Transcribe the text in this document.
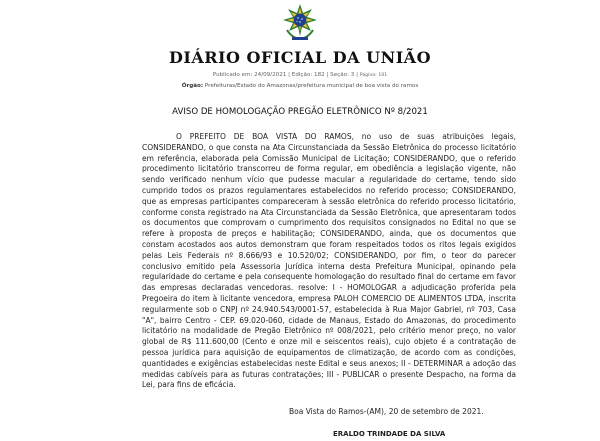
DIÁRIO OFICIAL DA UNIÃO
Publicado em: 24/09/2021 | Edição: 182 | Seção: 3 | Página: 101
Órgão: Prefeituras/Estado do Amazonas/prefeitura municipal de boa vista do ramos
AVISO DE HOMOLOGAÇÃO PREGÃO ELETRÔNICO Nº 8/2021

O PREFEITO DE BOA VISTA DO RAMOS, no uso de suas atribuições legais, CONSIDERANDO, o que consta na Ata Circunstanciada da Sessão Eletrônica do processo licitatório em referência, elaborada pela Comissão Municipal de Licitação; CONSIDERANDO, que o referido procedimento licitatório transcorreu de forma regular, em obediência a legislação vigente, não sendo verificado nenhum vício que pudesse macular a regularidade do certame, tendo sido cumprido todos os prazos regulamentares estabelecidos no referido processo; CONSIDERANDO, que as empresas participantes compareceram à sessão eletrônica do referido processo licitatório, conforme consta registrado na Ata Circunstanciada da Sessão Eletrônica, que apresentaram todos os documentos que comprovam o cumprimento dos requisitos consignados no Edital no que se refere à proposta de preços e habilitação; CONSIDERANDO, ainda, que os documentos que constam acostados aos autos demonstram que foram respeitados todos os ritos legais exigidos pelas Leis Federais nº 8.666/93 e 10.520/02; CONSIDERANDO, por fim, o teor do parecer conclusivo emitido pela Assessoria Jurídica interna desta Prefeitura Municipal, opinando pela regularidade do certame e pela consequente homologação do resultado final do certame em favor das empresas declaradas vencedoras. resolve: I - HOMOLOGAR a adjudicação proferida pela Pregoeira do item à licitante vencedora, empresa PALOH COMERCIO DE ALIMENTOS LTDA, inscrita regularmente sob o CNPJ nº 24.940.543/0001-57, estabelecida à Rua Major Gabriel, nº 703, Casa "A", bairro Centro - CEP. 69.020-060, cidade de Manaus, Estado do Amazonas, do procedimento licitatório na modalidade de Pregão Eletrônico nº 008/2021, pelo critério menor preço, no valor global de R$ 111.600,00 (Cento e onze mil e seiscentos reais), cujo objeto é a contratação de pessoa jurídica para aquisição de equipamentos de climatização, de acordo com as condições, quantidades e exigências estabelecidas neste Edital e seus anexos; II - DETERMINAR a adoção das medidas cabíveis para as futuras contratações; III - PUBLICAR o presente Despacho, na forma da Lei, para fins de eficácia.

Boa Vista do Ramos-(AM), 20 de setembro de 2021.
ERALDO TRINDADE DA SILVA
